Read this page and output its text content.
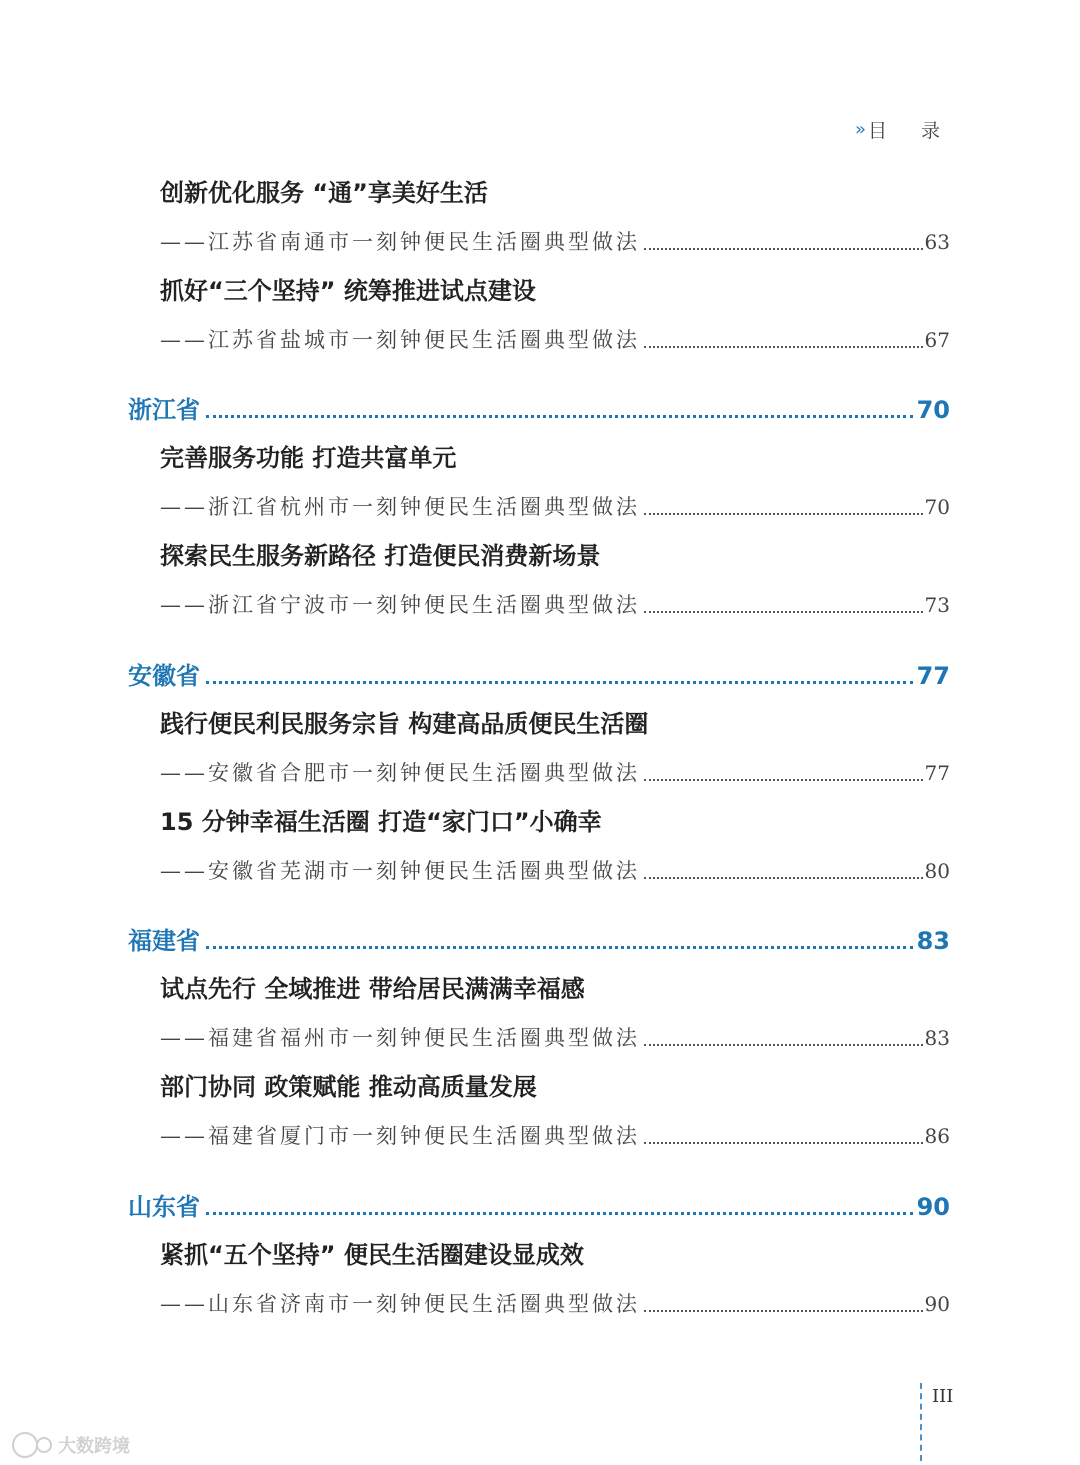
» 目 录
创新优化服务 “通”享美好生活
——江苏省南通市一刻钟便民生活圈典型做法	63
抓好“三个坚持” 统筹推进试点建设
——江苏省盐城市一刻钟便民生活圈典型做法	67
浙江省	70
完善服务功能 打造共富单元
——浙江省杭州市一刻钟便民生活圈典型做法	70
探索民生服务新路径 打造便民消费新场景
——浙江省宁波市一刻钟便民生活圈典型做法	73
安徽省	77
践行便民利民服务宗旨 构建高品质便民生活圈
——安徽省合肥市一刻钟便民生活圈典型做法	77
15 分钟幸福生活圈 打造“家门口”小确幸
——安徽省芜湖市一刻钟便民生活圈典型做法	80
福建省	83
试点先行 全域推进 带给居民满满幸福感
——福建省福州市一刻钟便民生活圈典型做法	83
部门协同 政策赋能 推动高质量发展
——福建省厦门市一刻钟便民生活圈典型做法	86
山东省	90
紧抓“五个坚持” 便民生活圈建设显成效
——山东省济南市一刻钟便民生活圈典型做法	90
III
大数跨境
